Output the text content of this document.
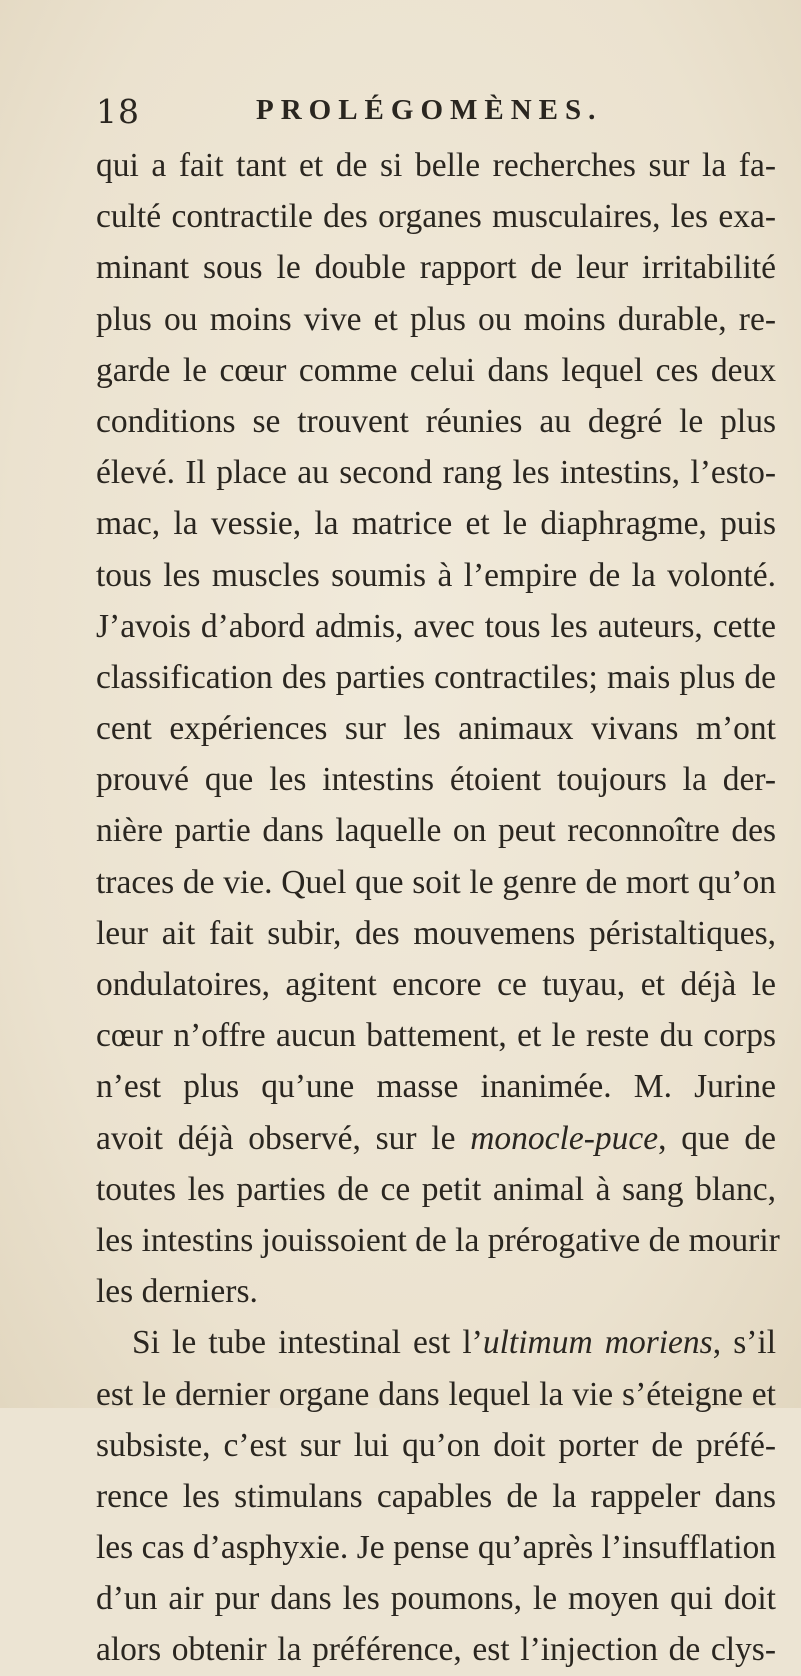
18	PROLÉGOMÈNES.
qui a fait tant et de si belle recherches sur la fa-
culté contractile des organes musculaires, les exa-
minant sous le double rapport de leur irritabilité
plus ou moins vive et plus ou moins durable, re-
garde le cœur comme celui dans lequel ces deux
conditions se trouvent réunies au degré le plus
élevé. Il place au second rang les intestins, l’esto-
mac, la vessie, la matrice et le diaphragme, puis
tous les muscles soumis à l’empire de la volonté.
J’avois d’abord admis, avec tous les auteurs, cette
classification des parties contractiles; mais plus de
cent expériences sur les animaux vivans m’ont
prouvé que les intestins étoient toujours la der-
nière partie dans laquelle on peut reconnoître des
traces de vie. Quel que soit le genre de mort qu’on
leur ait fait subir, des mouvemens péristaltiques,
ondulatoires, agitent encore ce tuyau, et déjà le
cœur n’offre aucun battement, et le reste du corps
n’est plus qu’une masse inanimée. M. Jurine
avoit déjà observé, sur le monocle-puce, que de
toutes les parties de ce petit animal à sang blanc,
les intestins jouissoient de la prérogative de mourir
les derniers.
Si le tube intestinal est l’ultimum moriens, s’il
est le dernier organe dans lequel la vie s’éteigne et
subsiste, c’est sur lui qu’on doit porter de préfé-
rence les stimulans capables de la rappeler dans
les cas d’asphyxie. Je pense qu’après l’insufflation
d’un air pur dans les poumons, le moyen qui doit
alors obtenir la préférence, est l’injection de clys-
